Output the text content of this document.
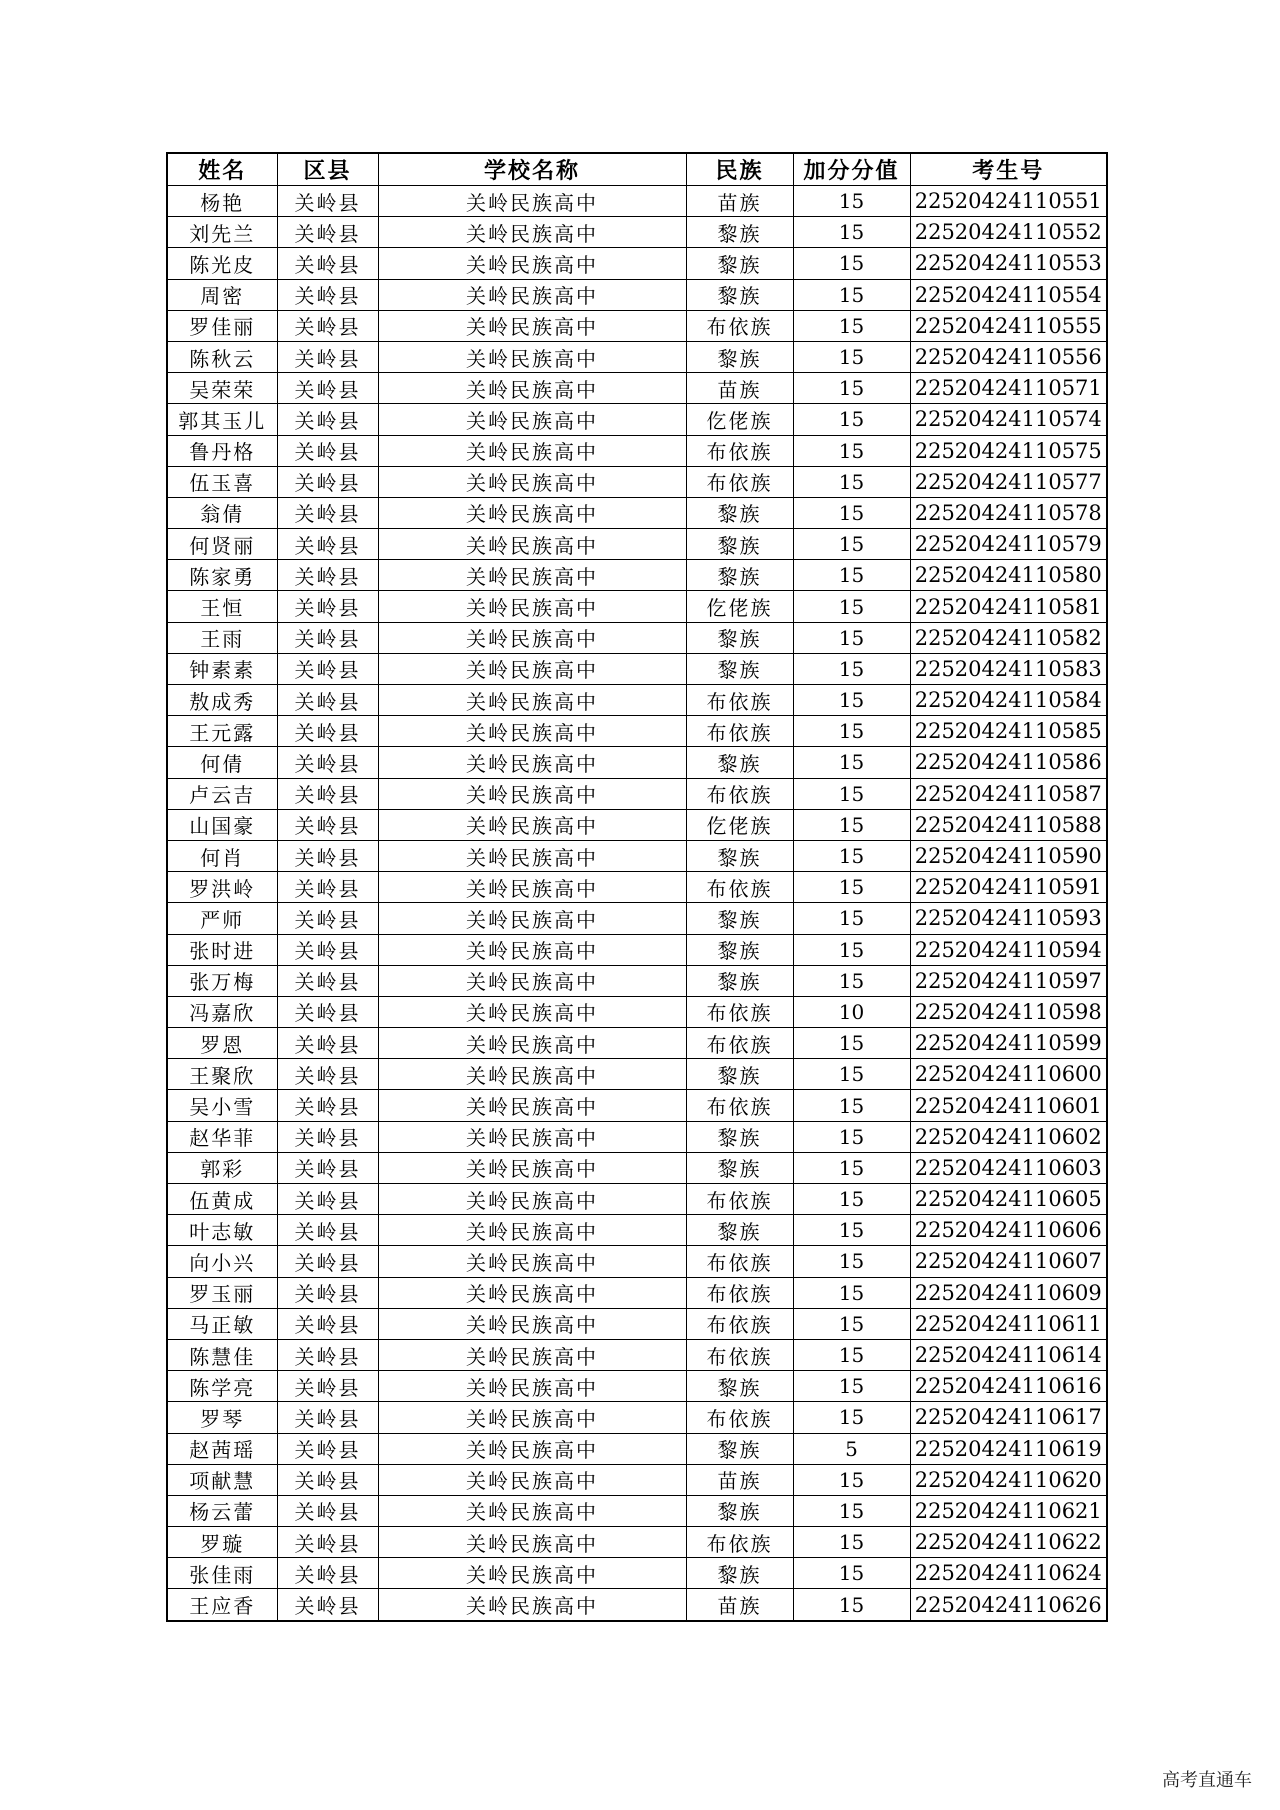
姓名	区县	学校名称	民族	加分分值	考生号
杨艳	关岭县	关岭民族高中	苗族	15	22520424110551
刘先兰	关岭县	关岭民族高中	黎族	15	22520424110552
陈光皮	关岭县	关岭民族高中	黎族	15	22520424110553
周密	关岭县	关岭民族高中	黎族	15	22520424110554
罗佳丽	关岭县	关岭民族高中	布依族	15	22520424110555
陈秋云	关岭县	关岭民族高中	黎族	15	22520424110556
吴荣荣	关岭县	关岭民族高中	苗族	15	22520424110571
郭其玉儿	关岭县	关岭民族高中	仡佬族	15	22520424110574
鲁丹格	关岭县	关岭民族高中	布依族	15	22520424110575
伍玉喜	关岭县	关岭民族高中	布依族	15	22520424110577
翁倩	关岭县	关岭民族高中	黎族	15	22520424110578
何贤丽	关岭县	关岭民族高中	黎族	15	22520424110579
陈家勇	关岭县	关岭民族高中	黎族	15	22520424110580
王恒	关岭县	关岭民族高中	仡佬族	15	22520424110581
王雨	关岭县	关岭民族高中	黎族	15	22520424110582
钟素素	关岭县	关岭民族高中	黎族	15	22520424110583
敖成秀	关岭县	关岭民族高中	布依族	15	22520424110584
王元露	关岭县	关岭民族高中	布依族	15	22520424110585
何倩	关岭县	关岭民族高中	黎族	15	22520424110586
卢云吉	关岭县	关岭民族高中	布依族	15	22520424110587
山国豪	关岭县	关岭民族高中	仡佬族	15	22520424110588
何肖	关岭县	关岭民族高中	黎族	15	22520424110590
罗洪岭	关岭县	关岭民族高中	布依族	15	22520424110591
严师	关岭县	关岭民族高中	黎族	15	22520424110593
张时进	关岭县	关岭民族高中	黎族	15	22520424110594
张万梅	关岭县	关岭民族高中	黎族	15	22520424110597
冯嘉欣	关岭县	关岭民族高中	布依族	10	22520424110598
罗恩	关岭县	关岭民族高中	布依族	15	22520424110599
王聚欣	关岭县	关岭民族高中	黎族	15	22520424110600
吴小雪	关岭县	关岭民族高中	布依族	15	22520424110601
赵华菲	关岭县	关岭民族高中	黎族	15	22520424110602
郭彩	关岭县	关岭民族高中	黎族	15	22520424110603
伍黄成	关岭县	关岭民族高中	布依族	15	22520424110605
叶志敏	关岭县	关岭民族高中	黎族	15	22520424110606
向小兴	关岭县	关岭民族高中	布依族	15	22520424110607
罗玉丽	关岭县	关岭民族高中	布依族	15	22520424110609
马正敏	关岭县	关岭民族高中	布依族	15	22520424110611
陈慧佳	关岭县	关岭民族高中	布依族	15	22520424110614
陈学亮	关岭县	关岭民族高中	黎族	15	22520424110616
罗琴	关岭县	关岭民族高中	布依族	15	22520424110617
赵茜瑶	关岭县	关岭民族高中	黎族	5	22520424110619
项献慧	关岭县	关岭民族高中	苗族	15	22520424110620
杨云蕾	关岭县	关岭民族高中	黎族	15	22520424110621
罗璇	关岭县	关岭民族高中	布依族	15	22520424110622
张佳雨	关岭县	关岭民族高中	黎族	15	22520424110624
王应香	关岭县	关岭民族高中	苗族	15	22520424110626
高考直通车
